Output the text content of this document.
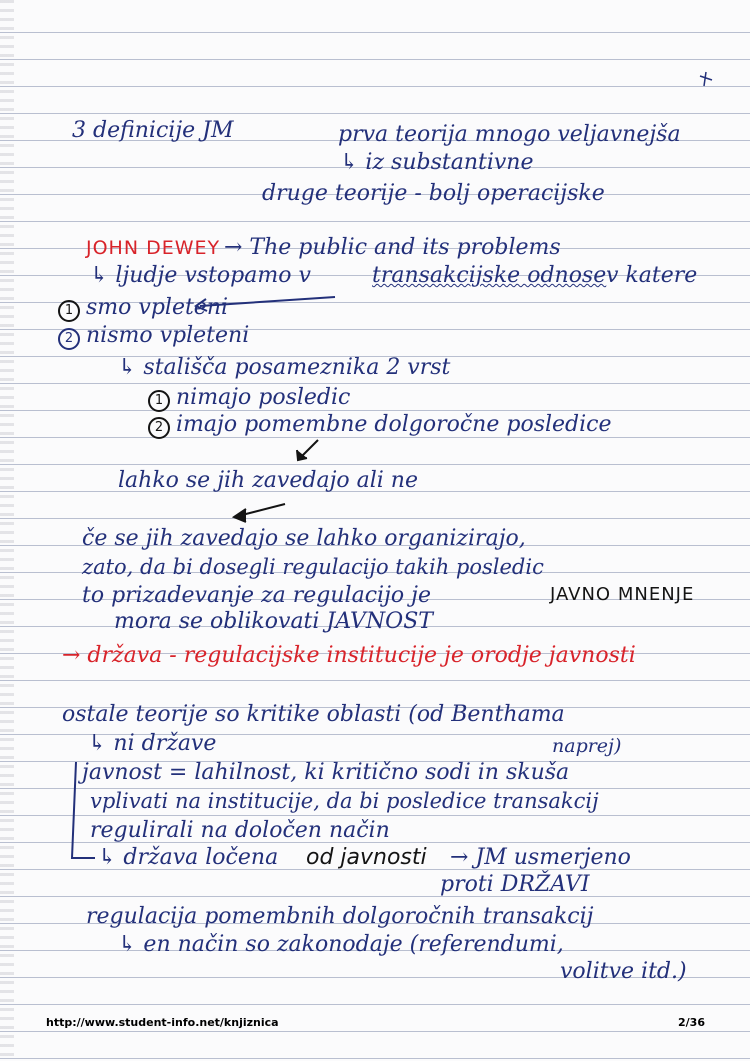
3 definicije JM	prva teorija mnogo veljavnejša
↳ iz substantivne
druge teorije - bolj operacijske
JOHN DEWEY → The public and its problems
↳ ljudje vstopamo v	transakcijske odnose v katere
1 smo vpleteni
2 nismo vpleteni
↳ stališča posameznika 2 vrst
1 nimajo posledic
2 imajo pomembne dolgoročne posledice
lahko se jih zavedajo ali ne
če se jih zavedajo se lahko organizirajo,
zato, da bi dosegli regulacijo takih posledic
to prizadevanje za regulacijo je	JAVNO MNENJE
mora se oblikovati JAVNOST
→ država - regulacijske institucije je orodje javnosti
ostale teorije so kritike oblasti (od Benthama
↳ ni države	naprej)
javnost = lahilnost, ki kritično sodi in skuša
vplivati na institucije, da bi posledice transakcij
regulirali na določen način
↳ država ločena od javnosti → JM usmerjeno
proti DRŽAVI
regulacija pomembnih dolgoročnih transakcij
↳ en način so zakonodaje (referendumi,
volitve itd.)
http://www.student-info.net/knjiznica	2/36
